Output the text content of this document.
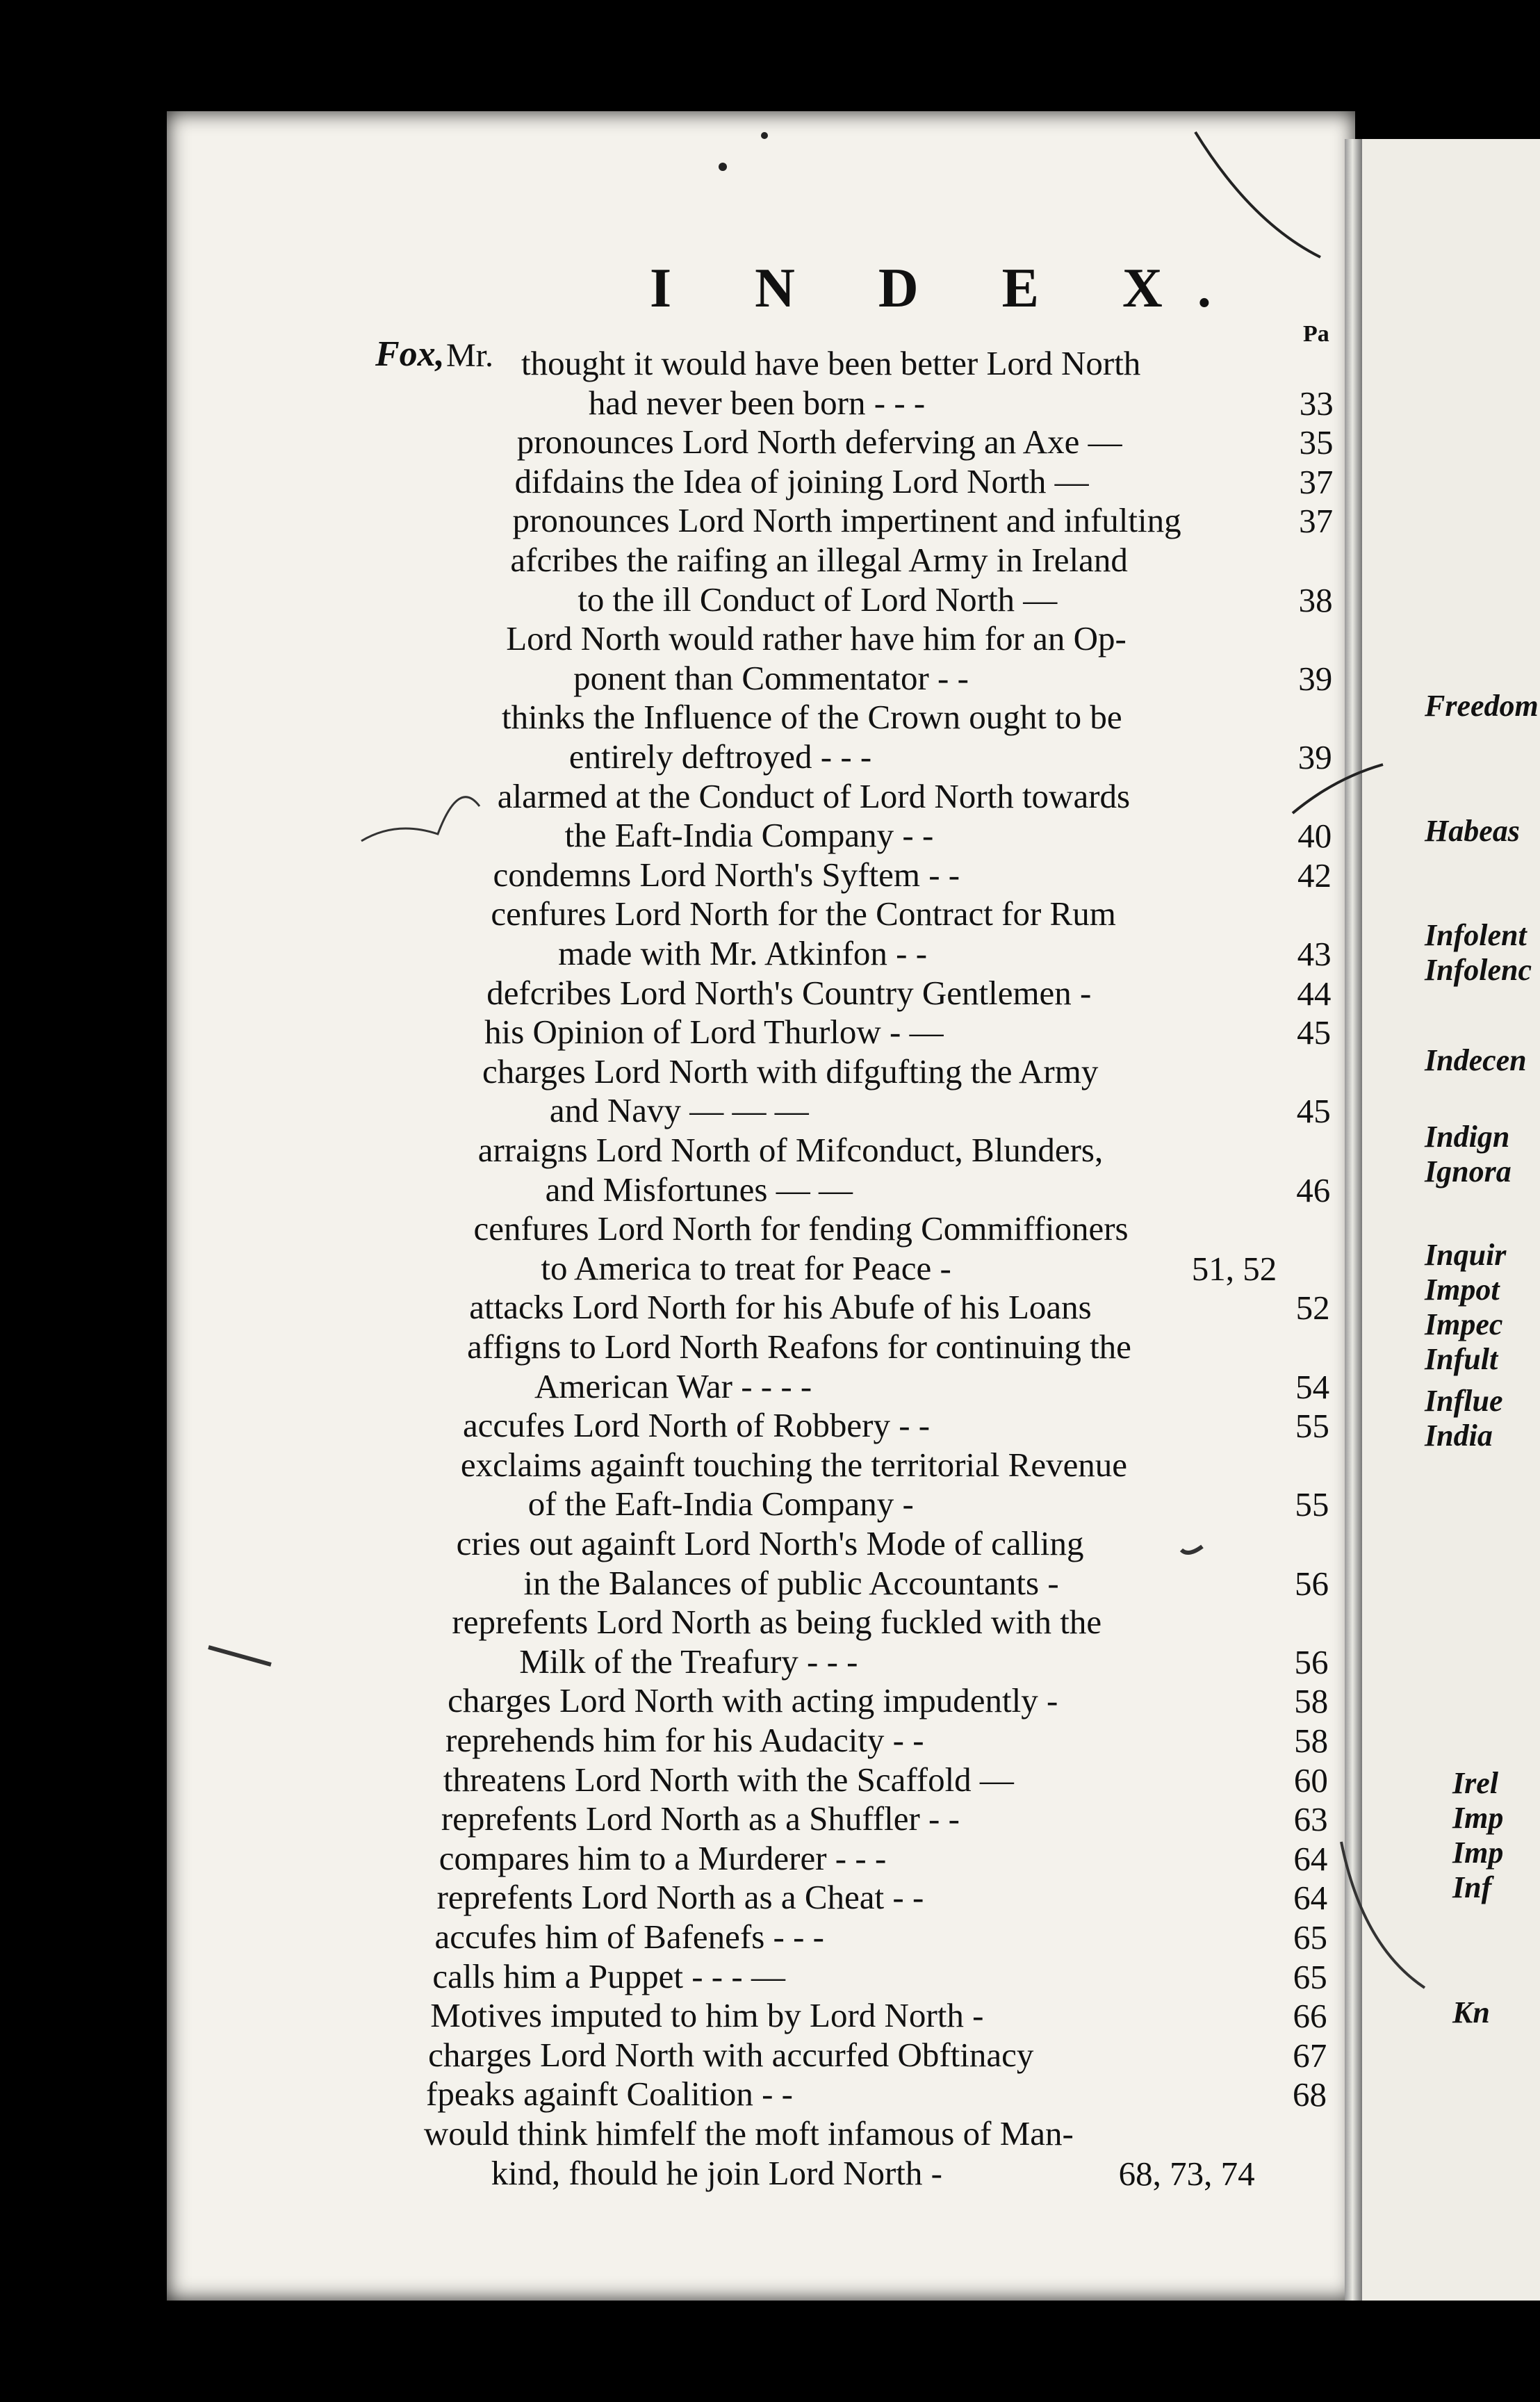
I N D E X.
Pa
Fox, Mr. thought it would have been better Lord North
had never been born - - -	33
pronounces Lord North deferving an Axe —	35
difdains the Idea of joining Lord North —	37
pronounces Lord North impertinent and infulting	37
afcribes the raifing an illegal Army in Ireland
to the ill Conduct of Lord North —	38
Lord North would rather have him for an Op-
ponent than Commentator - -	39
thinks the Influence of the Crown ought to be
entirely deftroyed - - -	39
alarmed at the Conduct of Lord North towards
the Eaft-India Company - -	40
condemns Lord North's Syftem - -	42
cenfures Lord North for the Contract for Rum
made with Mr. Atkinfon - -	43
defcribes Lord North's Country Gentlemen -	44
his Opinion of Lord Thurlow - —	45
charges Lord North with difgufting the Army
and Navy — — —	45
arraigns Lord North of Mifconduct, Blunders,
and Misfortunes — —	46
cenfures Lord North for fending Commiffioners
to America to treat for Peace -	51, 52
attacks Lord North for his Abufe of his Loans	52
affigns to Lord North Reafons for continuing the
American War - - - -	54
accufes Lord North of Robbery - -	55
exclaims againft touching the territorial Revenue
of the Eaft-India Company -	55
cries out againft Lord North's Mode of calling
in the Balances of public Accountants -	56
reprefents Lord North as being fuckled with the
Milk of the Treafury - - -	56
charges Lord North with acting impudently -	58
reprehends him for his Audacity - -	58
threatens Lord North with the Scaffold —	60
reprefents Lord North as a Shuffler - -	63
compares him to a Murderer - - -	64
reprefents Lord North as a Cheat - -	64
accufes him of Bafenefs - - -	65
calls him a Puppet - - - —	65
Motives imputed to him by Lord North -	66
charges Lord North with accurfed Obftinacy	67
fpeaks againft Coalition - -	68
would think himfelf the moft infamous of Man-
kind, fhould he join Lord North -	68, 73, 74
Freedom
Habeas
Infolent
Infolenc
Indecen
Indign
Ignora
Inquir
Impot
Impec
Infult
Influe
India
Irel
Imp
Imp
Inf
Kn
